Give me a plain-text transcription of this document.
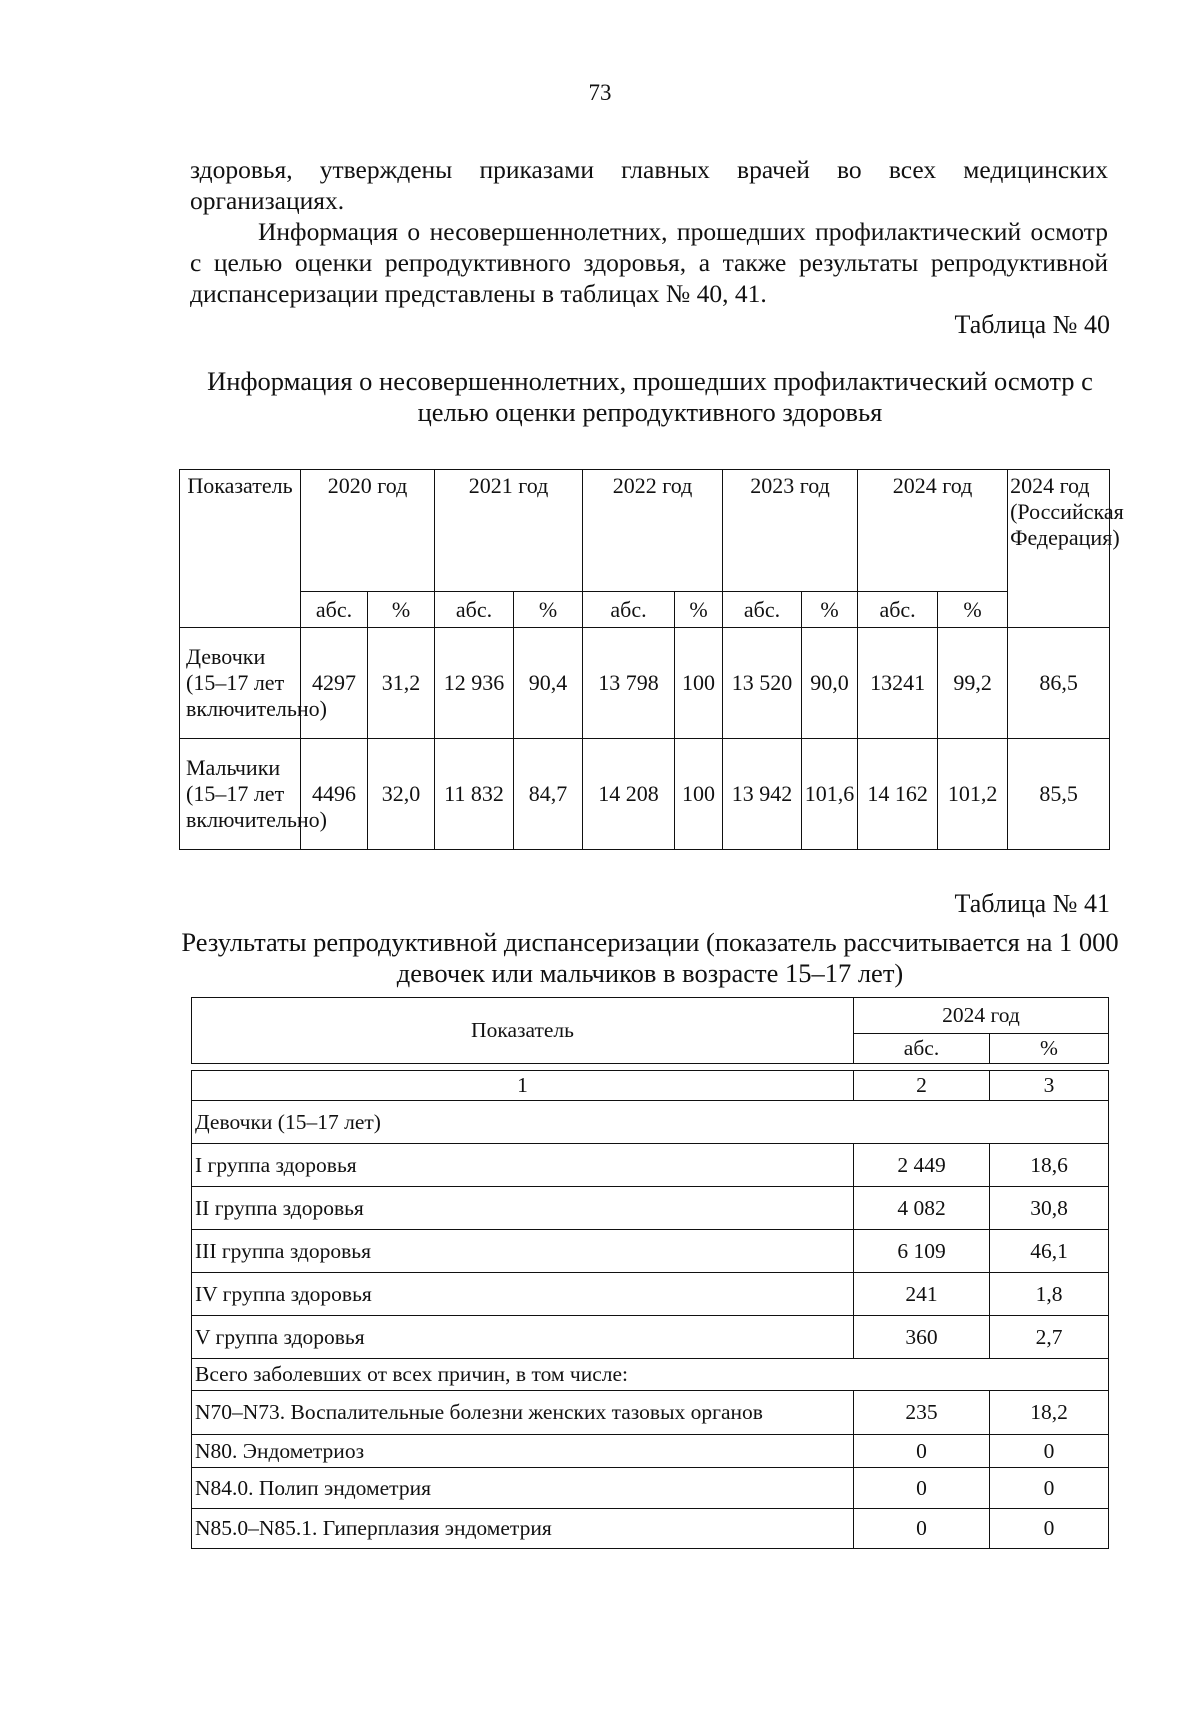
73
здоровья, утверждены приказами главных врачей во всех медицинских организациях.
Информация о несовершеннолетних, прошедших профилактический осмотр с целью оценки репродуктивного здоровья, а также результаты репродуктивной диспансеризации представлены в таблицах № 40, 41.
Таблица № 40
Информация о несовершеннолетних, прошедших профилактический осмотр с целью оценки репродуктивного здоровья
Показатель	2020 год		2021 год		2022 год		2023 год		2024 год		2024 год (Российская Федерация)
	абс.	%	абс.	%	абс.	%	абс.	%	абс.	%	
Девочки (15–17 лет включительно)	4297	31,2	12 936	90,4	13 798	100	13 520	90,0	13241	99,2	86,5
Мальчики (15–17 лет включительно)	4496	32,0	11 832	84,7	14 208	100	13 942	101,6	14 162	101,2	85,5
Таблица № 41
Результаты репродуктивной диспансеризации (показатель рассчитывается на 1 000 девочек или мальчиков в возрасте 15–17 лет)
Показатель	2024 год	
	абс.	%

1	2	3
Девочки (15–17 лет)		
I группа здоровья	2 449	18,6
II группа здоровья	4 082	30,8
III группа здоровья	6 109	46,1
IV группа здоровья	241	1,8
V группа здоровья	360	2,7
Всего заболевших от всех причин, в том числе:		
N70–N73. Воспалительные болезни женских тазовых органов	235	18,2
N80. Эндометриоз	0	0
N84.0. Полип эндометрия	0	0
N85.0–N85.1. Гиперплазия эндометрия	0	0
